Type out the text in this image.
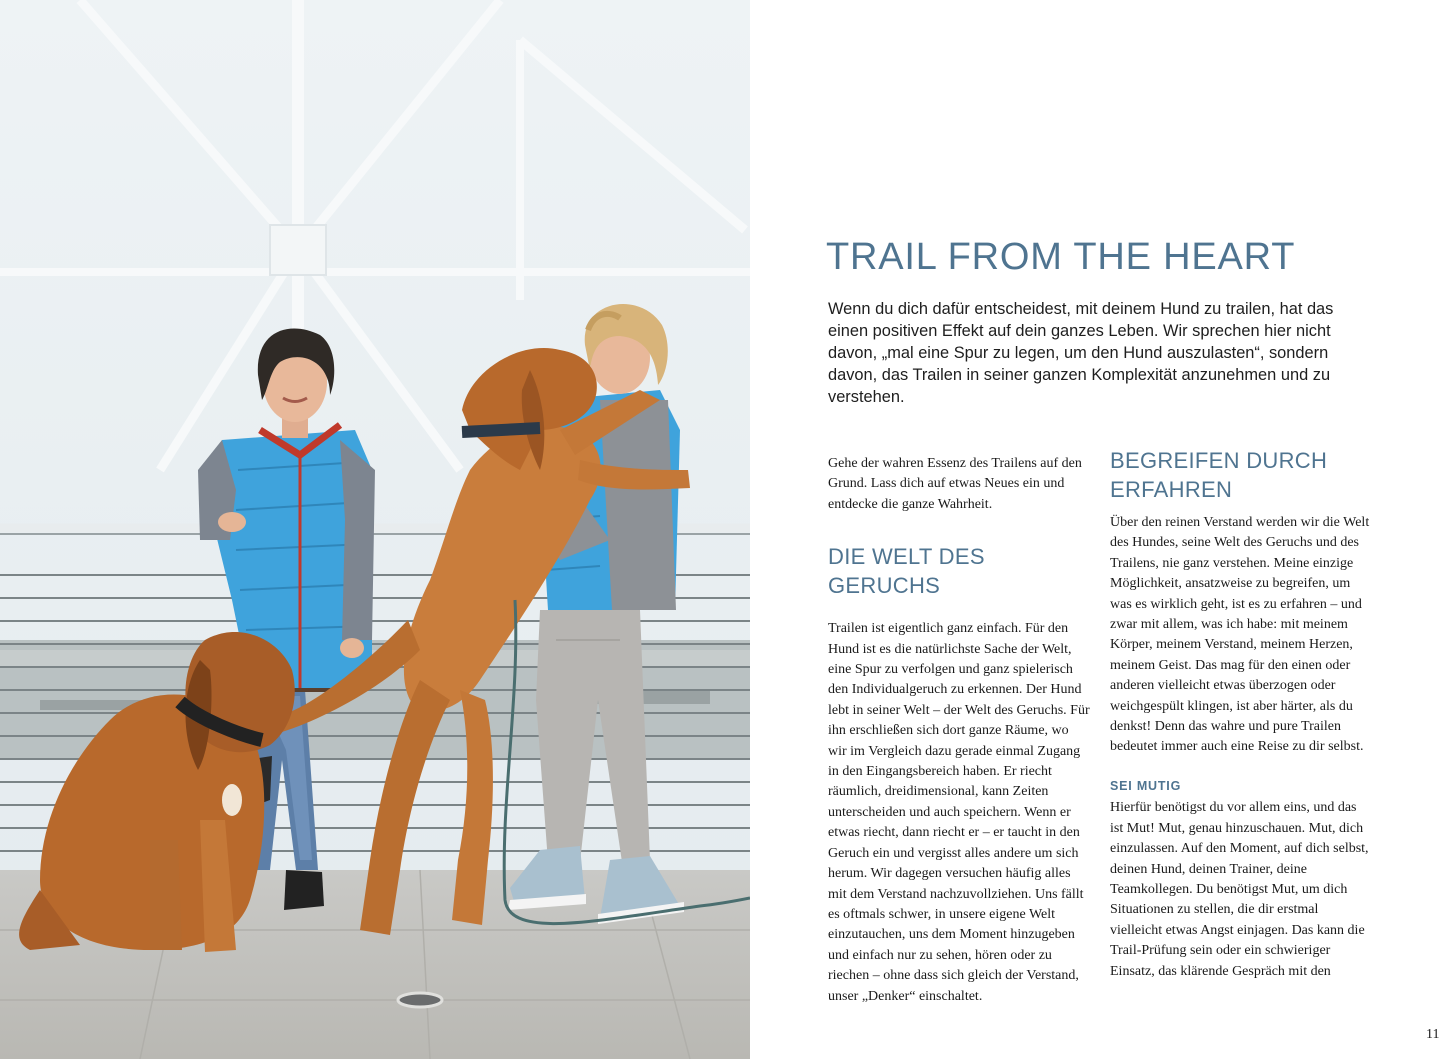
TRAIL FROM THE HEART

Wenn du dich dafür entscheidest, mit deinem Hund zu trailen, hat das einen positiven Effekt auf dein ganzes Leben. Wir sprechen hier nicht davon, „mal eine Spur zu legen, um den Hund auszulasten“, sondern davon, das Trailen in seiner ganzen Komplexität anzunehmen und zu verstehen.

Gehe der wahren Essenz des Trailens auf den Grund. Lass dich auf etwas Neues ein und entdecke die ganze Wahrheit.

DIE WELT DES GERUCHS

Trailen ist eigentlich ganz einfach. Für den Hund ist es die natürlichste Sache der Welt, eine Spur zu verfolgen und ganz spielerisch den Individualgeruch zu erkennen. Der Hund lebt in seiner Welt – der Welt des Geruchs. Für ihn erschließen sich dort ganze Räume, wo wir im Vergleich dazu gerade einmal Zugang in den Eingangsbereich haben. Er riecht räumlich, dreidimensional, kann Zeiten unterscheiden und auch speichern. Wenn er etwas riecht, dann riecht er – er taucht in den Geruch ein und vergisst alles andere um sich herum. Wir dagegen versuchen häufig alles mit dem Verstand nachzuvollziehen. Uns fällt es oftmals schwer, in unsere eigene Welt einzutauchen, uns dem Moment hinzugeben und einfach nur zu sehen, hören oder zu riechen – ohne dass sich gleich der Verstand, unser „Denker“ einschaltet.

BEGREIFEN DURCH
ERFAHREN

Über den reinen Verstand werden wir die Welt des Hundes, seine Welt des Geruchs und des Trailens, nie ganz verstehen. Meine einzige Möglichkeit, ansatzweise zu begreifen, um was es wirklich geht, ist es zu erfahren – und zwar mit allem, was ich habe: mit meinem Körper, meinem Verstand, meinem Herzen, meinem Geist. Das mag für den einen oder anderen vielleicht etwas überzogen oder weichgespült klingen, ist aber härter, als du denkst! Denn das wahre und pure Trailen bedeutet immer auch eine Reise zu dir selbst.

SEI MUTIG

Hierfür benötigst du vor allem eins, und das ist Mut! Mut, genau hinzuschauen. Mut, dich einzulassen. Auf den Moment, auf dich selbst, deinen Hund, deinen Trainer, deine Teamkollegen. Du benötigst Mut, um dich Situationen zu stellen, die dir erstmal vielleicht etwas Angst einjagen. Das kann die Trail-Prüfung sein oder ein schwieriger Einsatz, das klärende Gespräch mit den

11
